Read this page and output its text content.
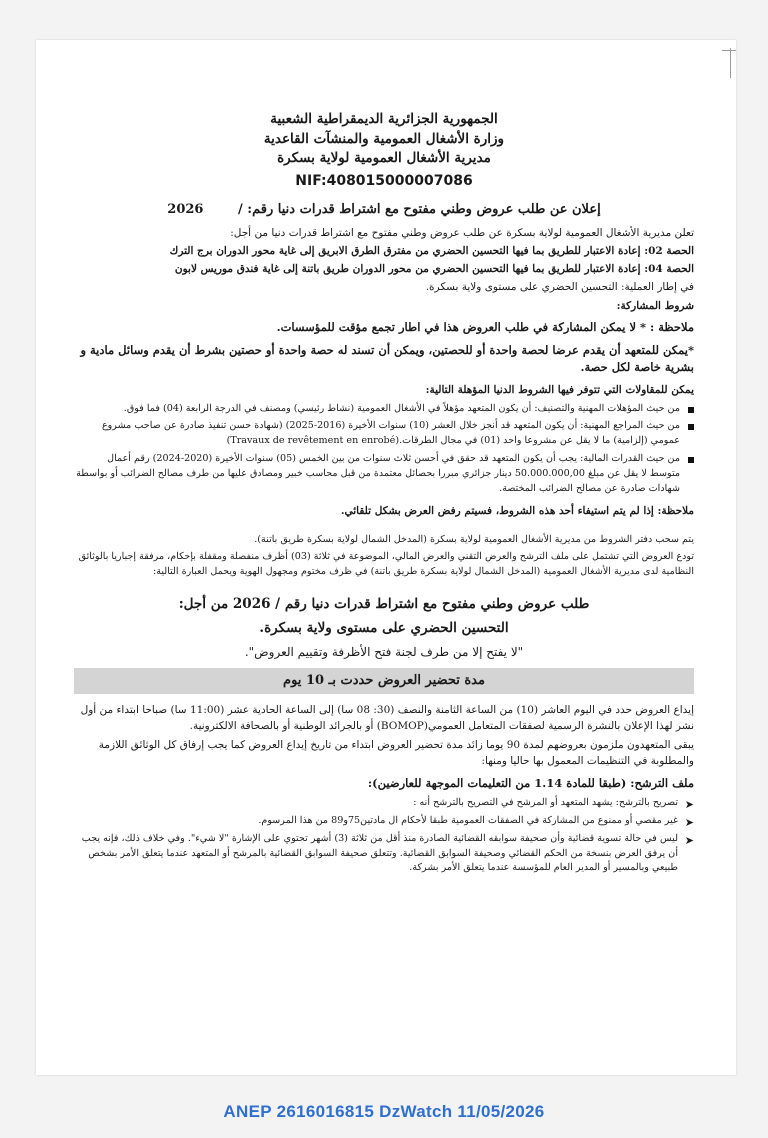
الجمهورية الجزائرية الديمقراطية الشعبية
وزارة الأشغال العمومية والمنشآت القاعدية
مديرية الأشغال العمومية لولاية بسكرة
NIF:408015000007086
إعلان عن طلب عروض وطني مفتوح مع اشتراط قدرات دنيا رقم: / 2026

تعلن مديرية الأشغال العمومية لولاية بسكرة عن طلب عروض وطني مفتوح مع اشتراط قدرات دنيا من أجل:

الحصة 02: إعادة الاعتبار للطريق بما فيها التحسين الحضري من مفترق الطرق الابريق إلى غاية محور الدوران برج الترك

الحصة 04: إعادة الاعتبار للطريق بما فيها التحسين الحضري من محور الدوران طريق باتنة إلى غاية فندق موريس لابون

في إطار العملية: التحسين الحضري على مستوى ولاية بسكرة.

شروط المشاركة:

ملاحظة : * لا يمكن المشاركة في طلب العروض هذا في اطار تجمع مؤقت للمؤسسات.

*يمكن للمتعهد أن يقدم عرضا لحصة واحدة أو للحصتين، ويمكن أن تسند له حصة واحدة أو حصتين بشرط أن يقدم وسائل مادية و بشرية خاصة لكل حصة.

يمكن للمقاولات التي تتوفر فيها الشروط الدنيا المؤهلة التالية:

من حيث المؤهلات المهنية والتصنيف: أن يكون المتعهد مؤهلاً في الأشغال العمومية (نشاط رئيسي) ومصنف في الدرجة الرابعة (04) فما فوق.
من حيث المراجع المهنية: أن يكون المتعهد قد أنجز خلال العشر (10) سنوات الأخيرة (2016-2025) (شهادة حسن تنفيذ صادرة عن صاحب مشروع عمومي (إلزامية) ما لا يقل عن مشروعا واحد (01) في مجال الطرقات.(Travaux de revêtement en enrobé)
من حيث القدرات المالية: يجب أن يكون المتعهد قد حقق في أحسن ثلاث سنوات من بين الخمس (05) سنوات الأخيرة (2020-2024) رقم أعمال متوسط لا يقل عن مبلغ 50.000.000,00 دينار جزائري مبررا بحصائل معتمدة من قبل محاسب خبير ومصادق عليها من طرف مصالح الضرائب أو بواسطة شهادات صادرة عن مصالح الضرائب المختصة.

ملاحظة: إذا لم يتم استيفاء أحد هذه الشروط، فسيتم رفض العرض بشكل تلقائي.

يتم سحب دفتر الشروط من مديرية الأشغال العمومية لولاية بسكرة (المدخل الشمال لولاية بسكرة طريق باتنة).

تودع العروض التي تشتمل على ملف الترشح والعرض التقني والعرض المالي، الموضوعة في ثلاثة (03) أظرف منفصلة ومقفلة بإحكام، مرفقة إجباريا بالوثائق النظامية لدى مديرية الأشغال العمومية (المدخل الشمال لولاية بسكرة طريق باتنة) في ظرف مختوم ومجهول الهوية ويحمل العبارة التالية:

طلب عروض وطني مفتوح مع اشتراط قدرات دنيا رقم / 2026 من أجل:
التحسين الحضري على مستوى ولاية بسكرة.
"لا يفتح إلا من طرف لجنة فتح الأظرفة وتقييم العروض".
مدة تحضير العروض حددت بـ 10 يوم

إيداع العروض حدد في اليوم العاشر (10) من الساعة الثامنة والنصف (30: 08 سا) إلى الساعة الحادية عشر (11:00 سا) صباحا ابتداء من أول نشر لهذا الإعلان بالنشرة الرسمية لصفقات المتعامل العمومي(BOMOP) أو بالجرائد الوطنية أو بالصحافة الالكترونية.

يبقى المتعهدون ملزمون بعروضهم لمدة 90 يوما زائد مدة تحضير العروض ابتداء من تاريخ إيداع العروض كما يجب إرفاق كل الوثائق اللازمة والمطلوبة في التنظيمات المعمول بها حاليا ومنها:

ملف الترشح: (طبقا للمادة 1.14 من التعليمات الموجهة للعارضين):

➤
تصريح بالترشح: يشهد المتعهد أو المرشح في التصريح بالترشح أنه :
➤
غير مقصي أو ممنوع من المشاركة في الصفقات العمومية طبقا لأحكام ال مادتين75و89 من هذا المرسوم.
➤
ليس في حالة تسوية قضائية وأن صحيفة سوابقه القضائية الصادرة منذ أقل من ثلاثة (3) أشهر تحتوي على الإشارة "لا شيء". وفي خلاف ذلك، فإنه يجب أن يرفق العرض بنسخة من الحكم القضائي وصحيفة السوابق القضائية. وتتعلق صحيفة السوابق القضائية بالمرشح أو المتعهد عندما يتعلق الأمر بشخص طبيعي وبالمسير أو المدير العام للمؤسسة عندما يتعلق الأمر بشركة.
ANEP 2616016815 DzWatch 11/05/2026
